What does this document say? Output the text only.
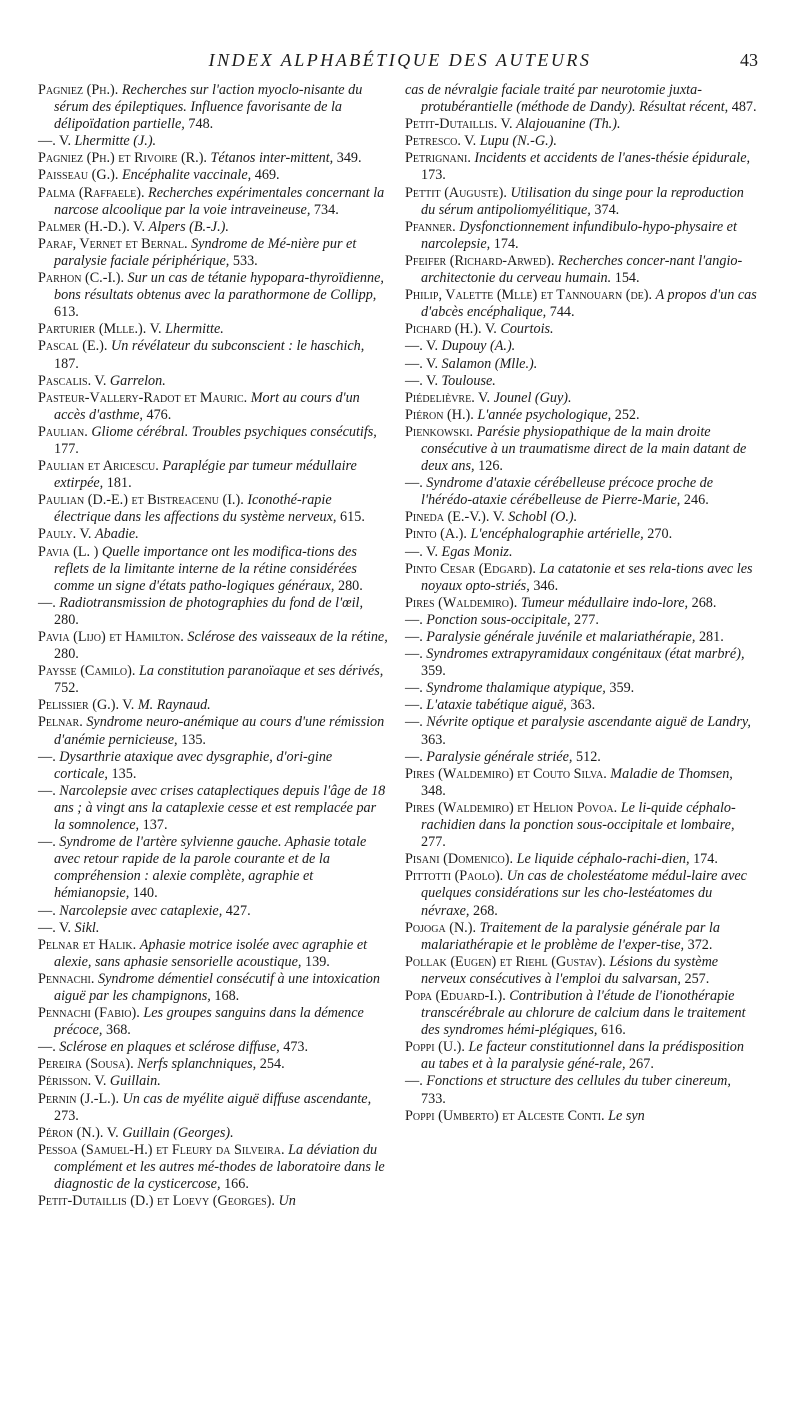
INDEX ALPHABÉTIQUE DES AUTEURS	43

Pagniez (Ph.). Recherches sur l'action myoclo-nisante du sérum des épileptiques. Influence favorisante de la délipoïdation partielle, 748.

—. V. Lhermitte (J.).

Pagniez (Ph.) et Rivoire (R.). Tétanos inter-mittent, 349.

Paisseau (G.). Encéphalite vaccinale, 469.

Palma (Raffaele). Recherches expérimentales concernant la narcose alcoolique par la voie intraveineuse, 734.

Palmer (H.-D.). V. Alpers (B.-J.).

Paraf, Vernet et Bernal. Syndrome de Mé-nière pur et paralysie faciale périphérique, 533.

Parhon (C.-I.). Sur un cas de tétanie hypopara-thyroïdienne, bons résultats obtenus avec la parathormone de Collipp, 613.

Parturier (Mlle.). V. Lhermitte.

Pascal (E.). Un révélateur du subconscient : le haschich, 187.

Pascalis. V. Garrelon.

Pasteur-Vallery-Radot et Mauric. Mort au cours d'un accès d'asthme, 476.

Paulian. Gliome cérébral. Troubles psychiques consécutifs, 177.

Paulian et Aricescu. Paraplégie par tumeur médullaire extirpée, 181.

Paulian (D.-E.) et Bistreacenu (I.). Iconothé-rapie électrique dans les affections du système nerveux, 615.

Pauly. V. Abadie.

Pavia (L. ) Quelle importance ont les modifica-tions des reflets de la limitante interne de la rétine considérées comme un signe d'états patho-logiques généraux, 280.

—. Radiotransmission de photographies du fond de l'œil, 280.

Pavia (Lijo) et Hamilton. Sclérose des vaisseaux de la rétine, 280.

Paysse (Camilo). La constitution paranoïaque et ses dérivés, 752.

Pelissier (G.). V. M. Raynaud.

Pelnar. Syndrome neuro-anémique au cours d'une rémission d'anémie pernicieuse, 135.

—. Dysarthrie ataxique avec dysgraphie, d'ori-gine corticale, 135.

—. Narcolepsie avec crises cataplectiques depuis l'âge de 18 ans ; à vingt ans la cataplexie cesse et est remplacée par la somnolence, 137.

—. Syndrome de l'artère sylvienne gauche. Aphasie totale avec retour rapide de la parole courante et de la compréhension : alexie complète, agraphie et hémianopsie, 140.

—. Narcolepsie avec cataplexie, 427.

—. V. Sikl.

Pelnar et Halik. Aphasie motrice isolée avec agraphie et alexie, sans aphasie sensorielle acoustique, 139.

Pennachi. Syndrome démentiel consécutif à une intoxication aiguë par les champignons, 168.

Pennachi (Fabio). Les groupes sanguins dans la démence précoce, 368.

—. Sclérose en plaques et sclérose diffuse, 473.

Pereira (Sousa). Nerfs splanchniques, 254.

Périsson. V. Guillain.

Pernin (J.-L.). Un cas de myélite aiguë diffuse ascendante, 273.

Péron (N.). V. Guillain (Georges).

Pessoa (Samuel-H.) et Fleury da Silveira. La déviation du complément et les autres mé-thodes de laboratoire dans le diagnostic de la cysticercose, 166.

Petit-Dutaillis (D.) et Loevy (Georges). Un

cas de névralgie faciale traité par neurotomie juxta-protubérantielle (méthode de Dandy). Résultat récent, 487.

Petit-Dutaillis. V. Alajouanine (Th.).

Petresco. V. Lupu (N.-G.).

Petrignani. Incidents et accidents de l'anes-thésie épidurale, 173.

Pettit (Auguste). Utilisation du singe pour la reproduction du sérum antipoliomyélitique, 374.

Pfanner. Dysfonctionnement infundibulo-hypo-physaire et narcolepsie, 174.

Pfeifer (Richard-Arwed). Recherches concer-nant l'angio-architectonie du cerveau humain. 154.

Philip, Valette (Mlle) et Tannouarn (de). A propos d'un cas d'abcès encéphalique, 744.

Pichard (H.). V. Courtois.

—. V. Dupouy (A.).

—. V. Salamon (Mlle.).

—. V. Toulouse.

Piédelièvre. V. Jounel (Guy).

Piéron (H.). L'année psychologique, 252.

Pienkowski. Parésie physiopathique de la main droite consécutive à un traumatisme direct de la main datant de deux ans, 126.

—. Syndrome d'ataxie cérébelleuse précoce proche de l'hérédo-ataxie cérébelleuse de Pierre-Marie, 246.

Pineda (E.-V.). V. Schobl (O.).

Pinto (A.). L'encéphalographie artérielle, 270.

—. V. Egas Moniz.

Pinto Cesar (Edgard). La catatonie et ses rela-tions avec les noyaux opto-striés, 346.

Pires (Waldemiro). Tumeur médullaire indo-lore, 268.

—. Ponction sous-occipitale, 277.

—. Paralysie générale juvénile et malariathérapie, 281.

—. Syndromes extrapyramidaux congénitaux (état marbré), 359.

—. Syndrome thalamique atypique, 359.

—. L'ataxie tabétique aiguë, 363.

—. Névrite optique et paralysie ascendante aiguë de Landry, 363.

—. Paralysie générale striée, 512.

Pires (Waldemiro) et Couto Silva. Maladie de Thomsen, 348.

Pires (Waldemiro) et Helion Povoa. Le li-quide céphalo-rachidien dans la ponction sous-occipitale et lombaire, 277.

Pisani (Domenico). Le liquide céphalo-rachi-dien, 174.

Pittotti (Paolo). Un cas de cholestéatome médul-laire avec quelques considérations sur les cho-lestéatomes du névraxe, 268.

Pojoga (N.). Traitement de la paralysie générale par la malariathérapie et le problème de l'exper-tise, 372.

Pollak (Eugen) et Riehl (Gustav). Lésions du système nerveux consécutives à l'emploi du salvarsan, 257.

Popa (Eduard-I.). Contribution à l'étude de l'ionothérapie transcérébrale au chlorure de calcium dans le traitement des syndromes hémi-plégiques, 616.

Poppi (U.). Le facteur constitutionnel dans la prédisposition au tabes et à la paralysie géné-rale, 267.

—. Fonctions et structure des cellules du tuber cinereum, 733.

Poppi (Umberto) et Alceste Conti. Le syn
